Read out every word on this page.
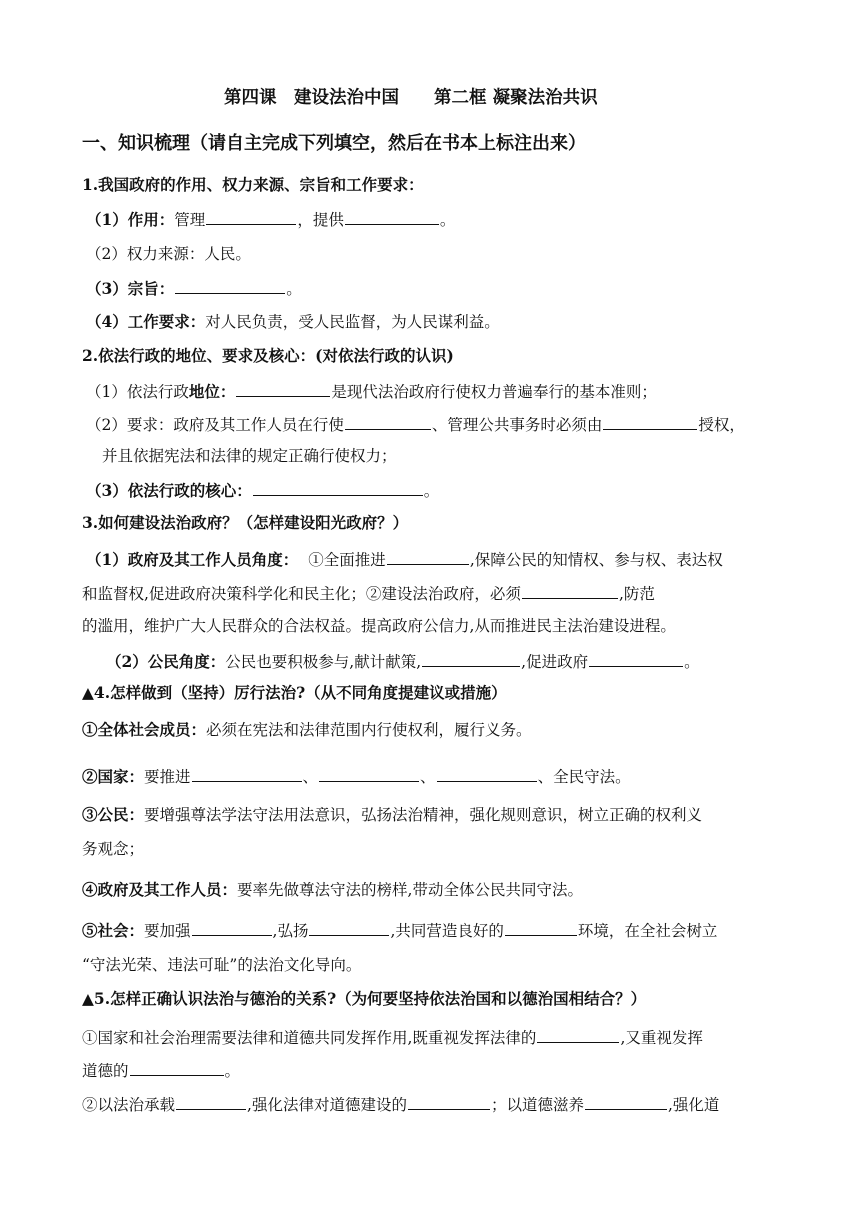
第四课　建设法治中国　　第二框 凝聚法治共识
一、知识梳理（请自主完成下列填空，然后在书本上标注出来）
1.我国政府的作用、权力来源、宗旨和工作要求：
（1）作用：管理	，提供	。
（2）权力来源：人民。
（3）宗旨：	。
（4）工作要求：对人民负责，受人民监督，为人民谋利益。
2.依法行政的地位、要求及核心：(对依法行政的认识)
（1）依法行政地位：	是现代法治政府行使权力普遍奉行的基本准则；
（2）要求：政府及其工作人员在行使	、管理公共事务时必须由	授权，
并且依据宪法和法律的规定正确行使权力；
（3）依法行政的核心：	。
3.如何建设法治政府？（怎样建设阳光政府？）
（1）政府及其工作人员角度： ①全面推进	,保障公民的知情权、参与权、表达权
和监督权,促进政府决策科学化和民主化；②建设法治政府，必须	,防范
的滥用，维护广大人民群众的合法权益。提高政府公信力,从而推进民主法治建设进程。
（2）公民角度：公民也要积极参与,献计献策,	,促进政府	。
▲4.怎样做到（坚持）厉行法治?（从不同角度提建议或措施）
①全体社会成员：必须在宪法和法律范围内行使权利，履行义务。
②国家：要推进	、	、	、全民守法。
③公民：要增强尊法学法守法用法意识，弘扬法治精神，强化规则意识，树立正确的权利义
务观念；
④政府及其工作人员：要率先做尊法守法的榜样,带动全体公民共同守法。
⑤社会：要加强	,弘扬	,共同营造良好的	环境，在全社会树立
“守法光荣、违法可耻”的法治文化导向。
▲5.怎样正确认识法治与德治的关系?（为何要坚持依法治国和以德治国相结合？）
①国家和社会治理需要法律和道德共同发挥作用,既重视发挥法律的	,又重视发挥
道德的	。
②以法治承载	,强化法律对道德建设的	；以道德滋养	,强化道
